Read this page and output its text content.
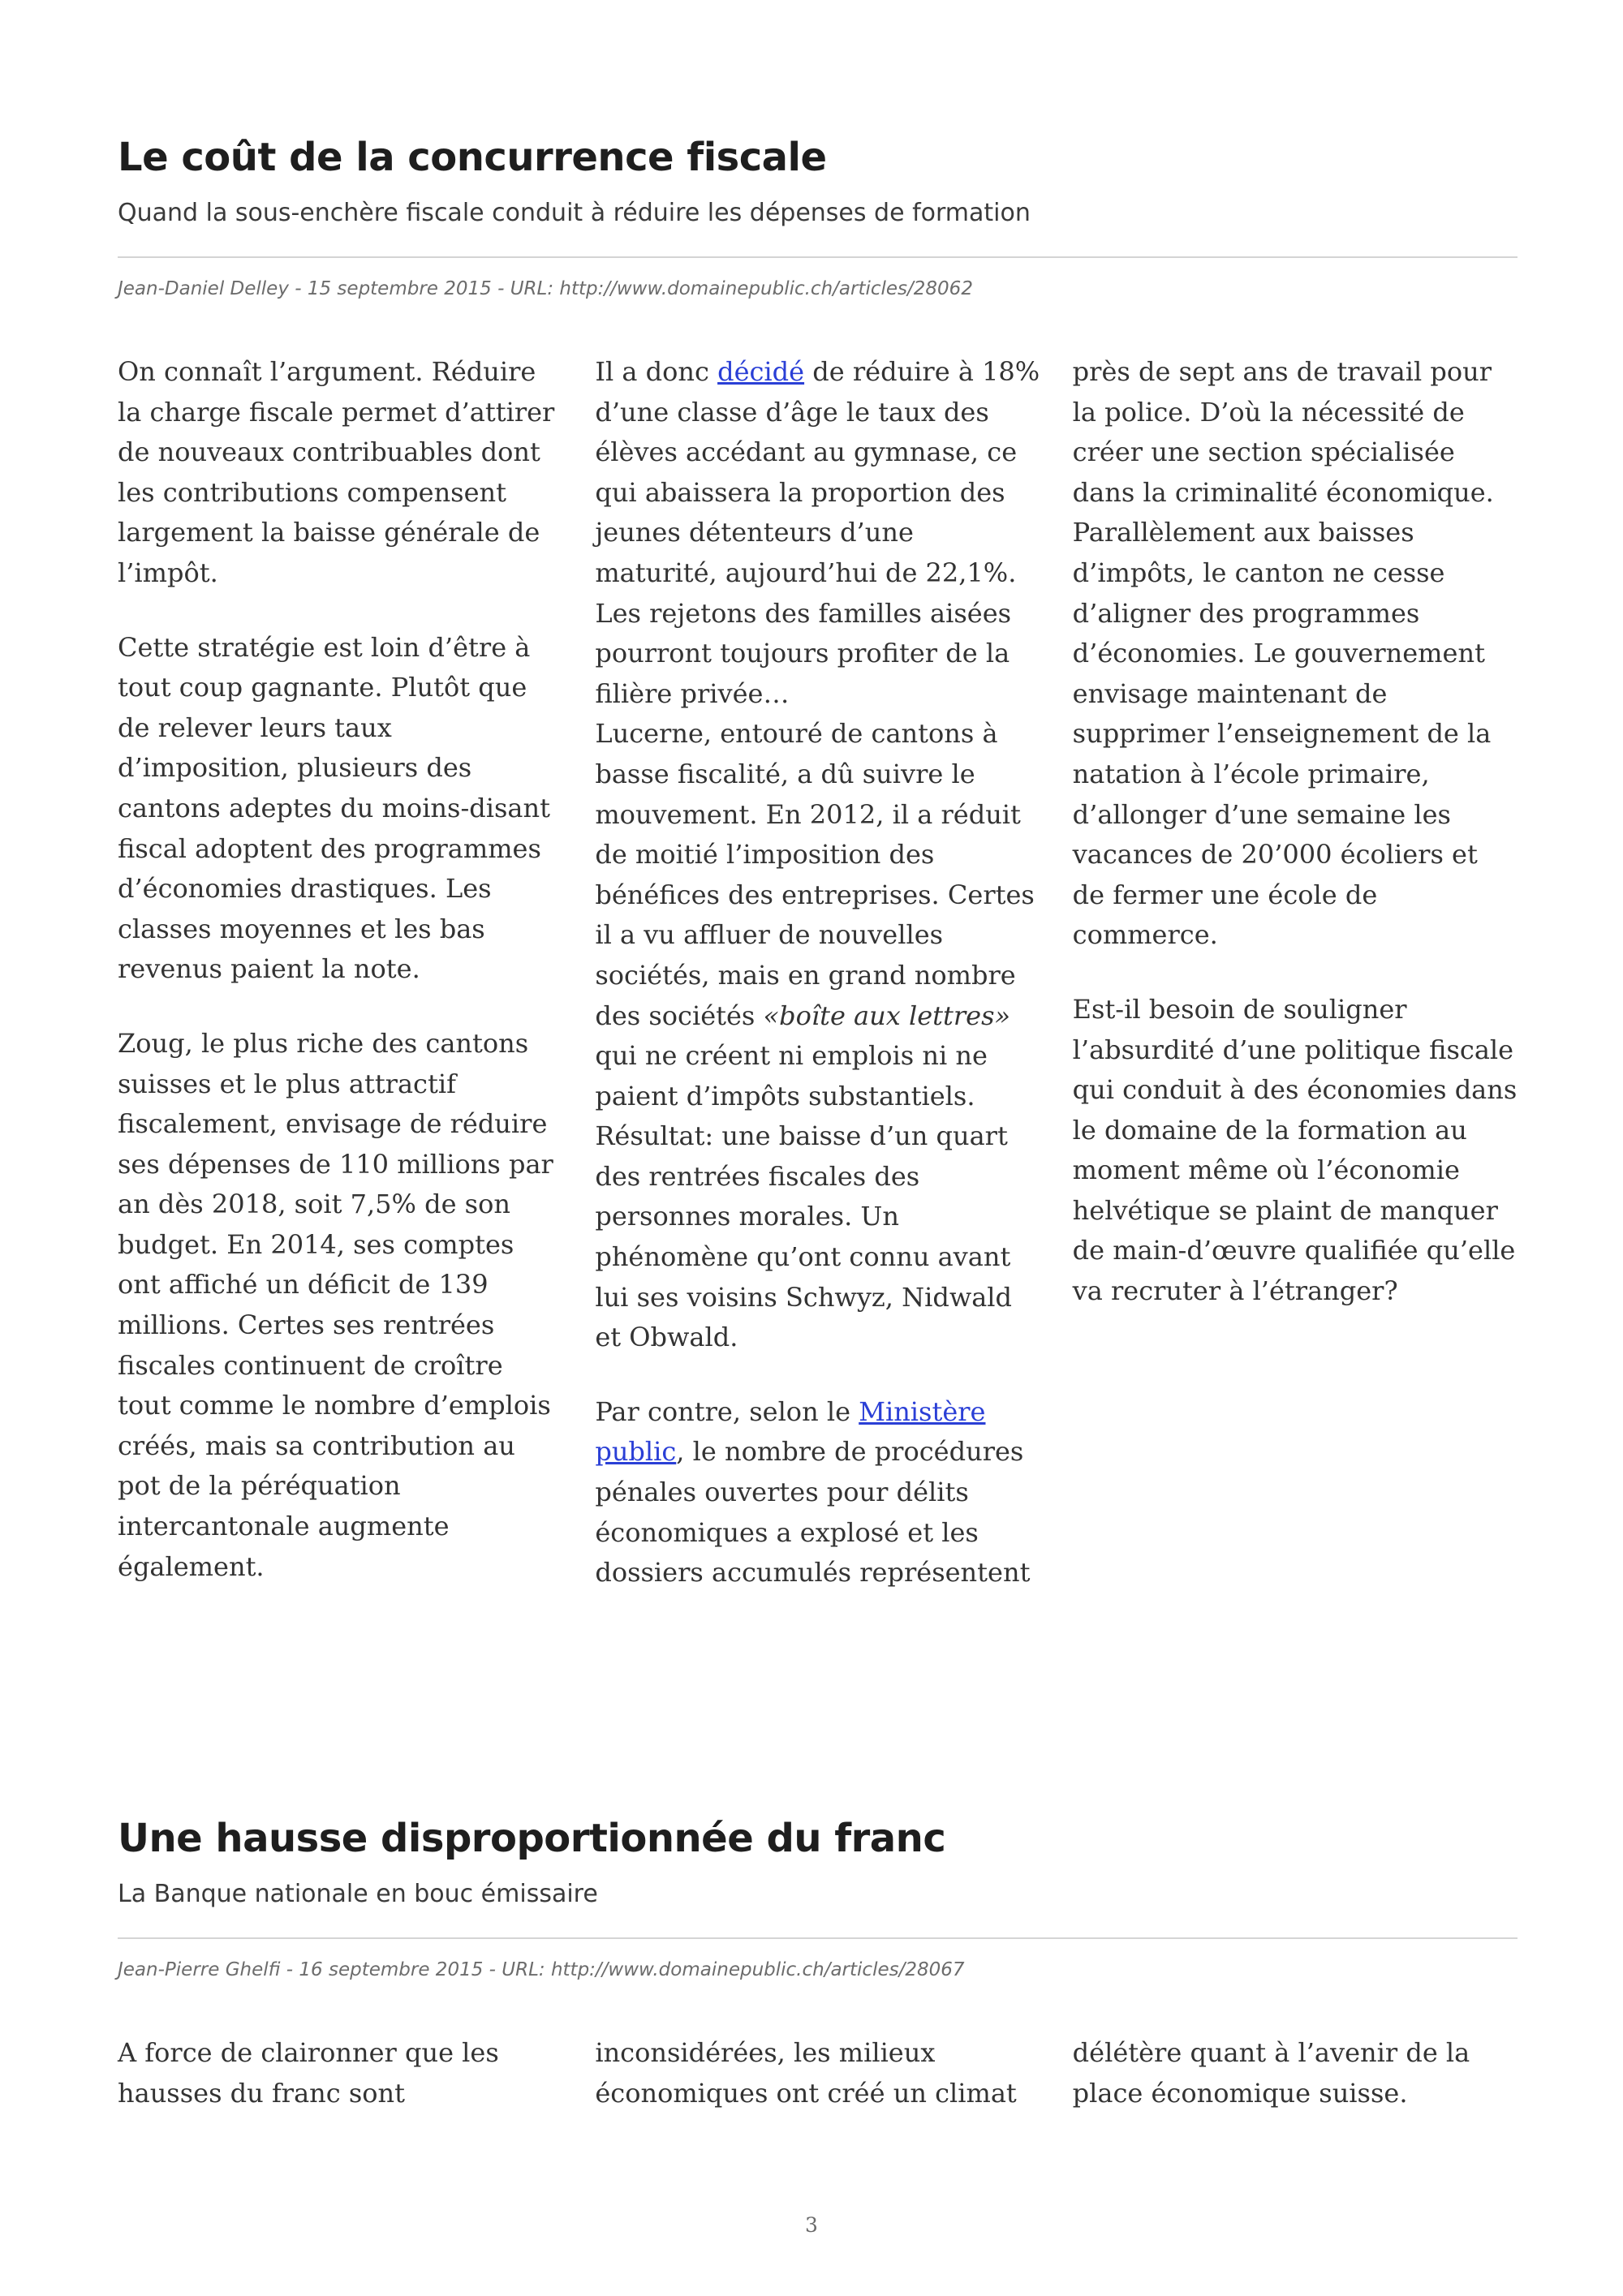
Le coût de la concurrence fiscale
Quand la sous-enchère fiscale conduit à réduire les dépenses de formation
Jean-Daniel Delley - 15 septembre 2015 - URL: http://www.domainepublic.ch/articles/28062

On connaît l’argument. Réduire la charge fiscale permet d’attirer de nouveaux contribuables dont les contributions compensent largement la baisse générale de l’impôt.

Cette stratégie est loin d’être à tout coup gagnante. Plutôt que de relever leurs taux d’imposition, plusieurs des cantons adeptes du moins-disant fiscal adoptent des programmes d’économies drastiques. Les classes moyennes et les bas revenus paient la note.

Zoug, le plus riche des cantons suisses et le plus attractif fiscalement, envisage de réduire ses dépenses de 110 millions par an dès 2018, soit 7,5% de son budget. En 2014, ses comptes ont affiché un déficit de 139 millions. Certes ses rentrées fiscales continuent de croître tout comme le nombre d’emplois créés, mais sa contribution au pot de la péréquation intercantonale augmente également.

Il a donc décidé de réduire à 18% d’une classe d’âge le taux des élèves accédant au gymnase, ce qui abaissera la proportion des jeunes détenteurs d’une maturité, aujourd’hui de 22,1%. Les rejetons des familles aisées pourront toujours profiter de la filière privée…

Lucerne, entouré de cantons à basse fiscalité, a dû suivre le mouvement. En 2012, il a réduit de moitié l’imposition des bénéfices des entreprises. Certes il a vu affluer de nouvelles sociétés, mais en grand nombre des sociétés «boîte aux lettres» qui ne créent ni emplois ni ne paient d’impôts substantiels. Résultat: une baisse d’un quart des rentrées fiscales des personnes morales. Un phénomène qu’ont connu avant lui ses voisins Schwyz, Nidwald et Obwald.

Par contre, selon le Ministère public, le nombre de procédures pénales ouvertes pour délits économiques a explosé et les dossiers accumulés représentent près de sept ans de travail pour la police. D’où la nécessité de créer une section spécialisée dans la criminalité économique. Parallèlement aux baisses d’impôts, le canton ne cesse d’aligner des programmes d’économies. Le gouvernement envisage maintenant de supprimer l’enseignement de la natation à l’école primaire, d’allonger d’une semaine les vacances de 20’000 écoliers et de fermer une école de commerce.

Est-il besoin de souligner l’absurdité d’une politique fiscale qui conduit à des économies dans le domaine de la formation au moment même où l’économie helvétique se plaint de manquer de main-d’œuvre qualifiée qu’elle va recruter à l’étranger?

Une hausse disproportionnée du franc
La Banque nationale en bouc émissaire
Jean-Pierre Ghelfi - 16 septembre 2015 - URL: http://www.domainepublic.ch/articles/28067

A force de claironner que les hausses du franc sont inconsidérées, les milieux économiques ont créé un climat délétère quant à l’avenir de la place économique suisse.

3
